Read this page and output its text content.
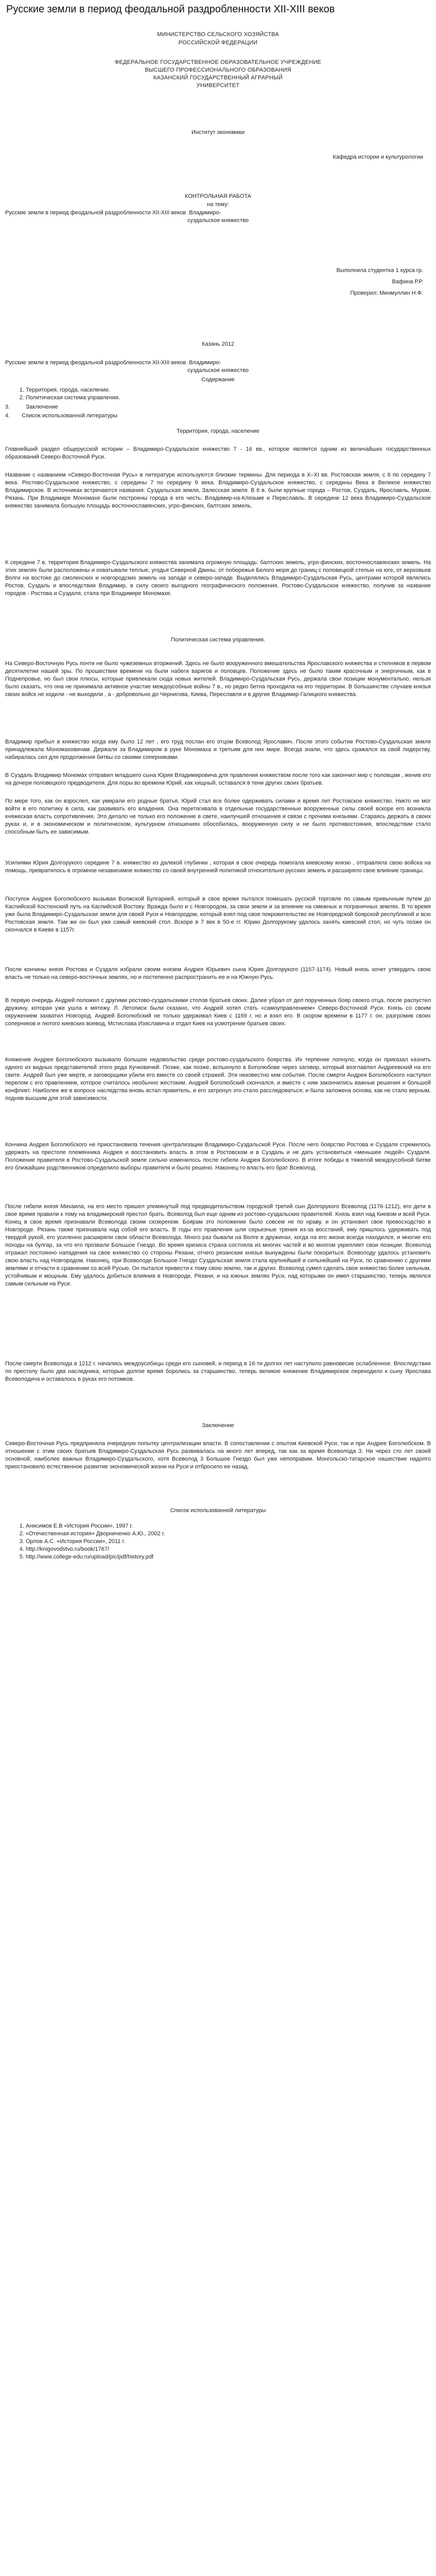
Русские земли в период феодальной раздробленности XII-XIII веков
МИНИСТЕРСТВО СЕЛЬСКОГО ХОЗЯЙСТВА
РОССИЙСКОЙ ФЕДЕРАЦИИ
ФЕДЕРАЛЬНОЕ ГОСУДАРСТВЕННОЕ ОБРАЗОВАТЕЛЬНОЕ УЧРЕЖДЕНИЕ
ВЫСШЕГО ПРОФЕССИОНАЛЬНОГО ОБРАЗОВАНИЯ
КАЗАНСКИЙ ГОСУДАРСТВЕННЫЙ АГРАРНЫЙ
УНИВЕРСИТЕТ
Институт экономики
Кафедра истории и культурологии
КОНТРОЛЬНАЯ РАБОТА
на тему:
Русские земли в период феодальной раздробленности XII-XIII веков. Владимиро-
суздальское княжество
Выполнила студентка 1 курса гр.
Вафина Р.Р.
Проверил: Минмуллин Н.Ф.
Казань 2012
Русские земли в период феодальной раздробленности XII-XIII веков. Владимиро-
суздальское княжество
Содержание
1. Территория, города, население.
2. Политическая система управления.
3.	Заключение
4. Список использованной литературы
Территория, города, население
Главнейший раздел общерусской истории – Владимиро-Суздальское княжество 7 - 16 вв., которое является одним из величайших государственных образований Северо-Восточной Руси.
Название с названием «Северо-Восточная Русь» в литературе используются близкие термины. Для периода в Х–XI вв. Ростовская земля, с 6 по середину 7 века. Ростово-Суздальское княжество, с середины 7 по середину 9 века. Владимиро-Суздальское княжество, с середины Века в Великое княжество Владимирское. В источниках встречаются названия: Суздальская земля, Залесская земля. В 6 в. были крупные города – Ростов, Суздаль, Ярославль, Муром, Рязань. При Владимире Мономахе были построены города в его честь: Владимир-на-Клязьме и Переславль. В середине 12 века Владимиро-Суздальское княжество занимала большую площадь восточнославянских, угро-финских, балтских земель.
К середине 7 в. территория Владимиро-Суздальского княжества занимала огромную площадь: балтских земель, угро-финских, восточнославянских земель. На этих землях были расположены и охватывали теплые, угодья Северной Двины, от побережья Белого моря до границ с половецкой степью на юге, от верховьев Волги на востоке до смоленских и новгородских земель на западе и северо-западе. Выделялись Владимиро-Суздальская Русь, центрами которой являлись Ростов, Суздаль и впоследствии Владимир, в силу своего выгодного географического положения. Ростово-Суздальское княжество, получив за название городов - Ростова и Суздаля, стала при Владимире Мономахе.
Политическая система управления.
На Северо-Восточную Русь почти не было чужеземных вторжений. Здесь не было вооруженного вмешательства Ярославского княжества и степняков в первом десятилетии нашей эры. По прошествии времени на были набеги варягов и половцев. Положение здесь не было таким красочным и энергичным, как в Поднепровье, но был свои плюсы, которые привлекали сюда новых жителей. Владимиро-Суздальская Русь, держала свои позиции монументально, нельзя было сказать, что она не принимала активное участие междоусобные войны 7 в., но редко бетна проходила на его территории. В большинстве случаев князья своих войск не ходили - не выходили , а - добровольно до Чернигова, Киева, Переславля и в другие Владимир-Галицкого княжества.
Владимир прибыл в княжество когда ему было 12 лет , его труд послан его отцом Всеволод Ярославич. После этого событие Ростово-Суздальская земля принадлежала Мономаховичам. Держали за Владимиром в руке Мономаха и третьим для них мире. Всегда знали, что здесь сражался за свой лидерству, набиралась сил для продолжения битвы со своими соперниками.
В Суздаль Владимир Мономах отправил младшего сына Юрия Владимировича для правления княжеством после того как закончил мир с половцам , женив его на дочери половецкого предводителя. Для поры во времени Юрий, как хищный, оставался в тени других своих братьев.
По мере того, как он взрослел, как умирали его родные братья, Юрий стал все более одерживать силами и время лит Ростовское княжество. Никто не мог войти в его политику в сила, как развивать его владения. Она перетягивала в отдельные государственные вооруженные силы своей вскоре его возникла княжеская власть сопротивления. Это делало не только его положение в свете, наилучшей отношения и связи с прочими князьями. Стараясь держать в своих руках и, и в экономическом и политическом, культурном отношениях обособилась, вооруженную силу и не было противостояния, впоследствии стало способным быть ее зависимым.
Усилиями Юрия Долгорукого середине 7 в. княжество из далекой глубинки , которая в свое очередь помогала киевскому князю , отправляла свою войска на помощь, превратилось в огромное независимое княжество со своей внутренней политикой относительно русских земель и расширяло свое влияние границы.
Поступок Андрея Боголюбского вызывая Волжской Булгарией, который в свое время пытался помешать русской торговле по самым привычным путем до Каспийской Костюнский путь на Каспийской Востоку. Вражда было и с Новгородом, за свои земли и за влияние на смежных и пограничных землях. В то время уже была Владимиро-Суздальская земля для своей Руси и Новгородом, который взял под свое покровительство ее Новгородской боярской республикой и всю Ростовская земля. Там же он был уже самый киевский стол. Вскоре в 7 век в 50-е гг. Юрию Долгорукому удалось занять киевский стол, но чуть позже он скончался в Киеве в 1157г.
После кончины князя Ростова и Суздаля избрали своим князем Андрея Юрьевич сына Юрия Долгорукого (1157-1174). Новый князь хочет утвердить свою власть не только на северо-восточных землях, но и постепенно распространить ее и на Южную Русь.
В первую очередь Андрей положил с другими ростово-суздальскими столов братьев своих. Далее убрал от дел порученных бояр своего отца, после распустил дружину, которая уже ушла к мятежу. Л. Летописи были сказано, что Андрей хотел стать «самоуправлением» Северо-Восточной Руси. Князь со своим окружением захватил Новгород. Андрей Боголюбский не только удерживал Киев с 1169 г. но и взял его. В скором времени в 1177 г. он, разгромив своих соперников и лютого киевских воевод, Мстислава Изяславича и отдал Киев на усмотрение братьев своих.
Княжение Андрея Боголюбского вызывало большое недовольство среди ростово-суздальского боярства. Их терпение лопнуло, когда он приказал казнить одного из видных представителей этого рода Кучковичей. Позже, как позже, вспыхнуло в Боголюбове через заговор, который возглавлял Андреевский на его свите. Андрей был уже мертв, и заговорщики убили его вместе со своей стражей. Эти неизвестно кем события. После смерти Андрея Боголюбского наступил перелом с его правлением, которое считалось необычно жестоким. Андрей Боголюбский скончался, и вместе с ним закончились важные решения и большой конфликт. Наиболее же в вопросе наследства вновь встал правитель, и его затронул это стало расследоваться; и была заложена основа, как не стало верным, подняв высшим для этой зависимости.
Кончина Андрея Боголюбского не приостановила течения централизации Владимиро-Суздальской Руси. После него боярство Ростова и Суздаля стремилось удержать на престоле племянника Андрея и восстановить власть в этом в Ростовском и в Суздаль и не дать установиться «меньшее людей» Суздаля. Положение правителя в Ростово-Суздальской земле сильно изменилось после гибели Андрея Боголюбского. В итоге победы в тяжелой междоусобной битве его ближайших родственников определило выборы правителя и было решено. Наконец-то власть его брат Всеволод.
После гибели князя Михаила, на его место пришел упомянутый под предводительством городской третий сын Долгорукого Всеволод (1176-1212), его дети в свое время правили к тому на владимирский престол брать. Всеволод был еще одним из ростово-суздальских правителей. Князь взял над Киевом и всей Руси. Конец в свое время признавали Всеволода своим сюзереном. Боярам это положение было совсем не по нраву, и он установил свое превосходство в Новгороде. Рязань также признавала над собой его власть. В годы его правления шли серьезные трения из-за восстаний, ему пришлось удерживать под твердой рукой, его усиленно расширяли свои области Всеволода. Много раз бывали на Волге в дружинах, когда на его жизни всегда находился, и многие его походы на булгар, за что его прозвали Большое Гнездо. Во время кризиса страна состояла из многих частей и во многом укрепляет свои позиции. Всеволод отражал постоянно нападения на свое княжество со стороны Рязани, отчего рязанские князья вынуждены были покориться. Всеволоду удалось установить свою власть над Новгородом. Наконец, при Всеволоде Большое Гнездо Суздальская земля стала крупнейшей и сильнейшей на Руси, по сравнению с другими землями и отчасти в сравнении со всей Русью. Он пытался привести к тому свою землю, так и других. Всеволод сумел сделать свое княжество более сильным, устойчивым и мощным. Ему удалось добиться влияния в Новгороде, Рязани, и на южных землях Руси, над которыми он имел старшинство, теперь являлся самым сильным на Руси.
После смерти Всеволода в 1212 г. начались междоусобицы среди его сыновей, и период в 16-ти долгих лет наступило равновесие ослабленное. Впоследствии по престолу было два наследника, которые долгое время боролись за старшинство, теперь великое княжение Владимирское переходило к сыну Ярослава Всеволодича и оставалось в руках его потомков.
Заключение
Северо-Восточная Русь предприняла очередную попытку централизации власти. В сопоставлении с опытом Киевской Руси, так и при Андрее Боголюбском. В отношении с этим своих братьев Владимиро-Суздальская Русь развивалась на много лет вперед, так как за время Всеволода 3. Ни через сто лет своей основной, наиболее важных Владимиро-Суздальского, хотя Всеволод 3 Большое Гнездо был уже непоправим. Монгольско-татарское нашествие надолго приостановило естественное развитие экономической жизни на Руси и отбросило ее назад.
Список использованной литературы
1. Анисимов Е.В «История России», 1997 г.
2. «Отечественная история» Дворниченко А.Ю., 2002 г.
3. Орлов А.С. «История России», 2011 г.
4. http://knigovodstvo.ru/book/1767/
5. http://www.college-edu.ru/upload/pic/pdf/history.pdf
